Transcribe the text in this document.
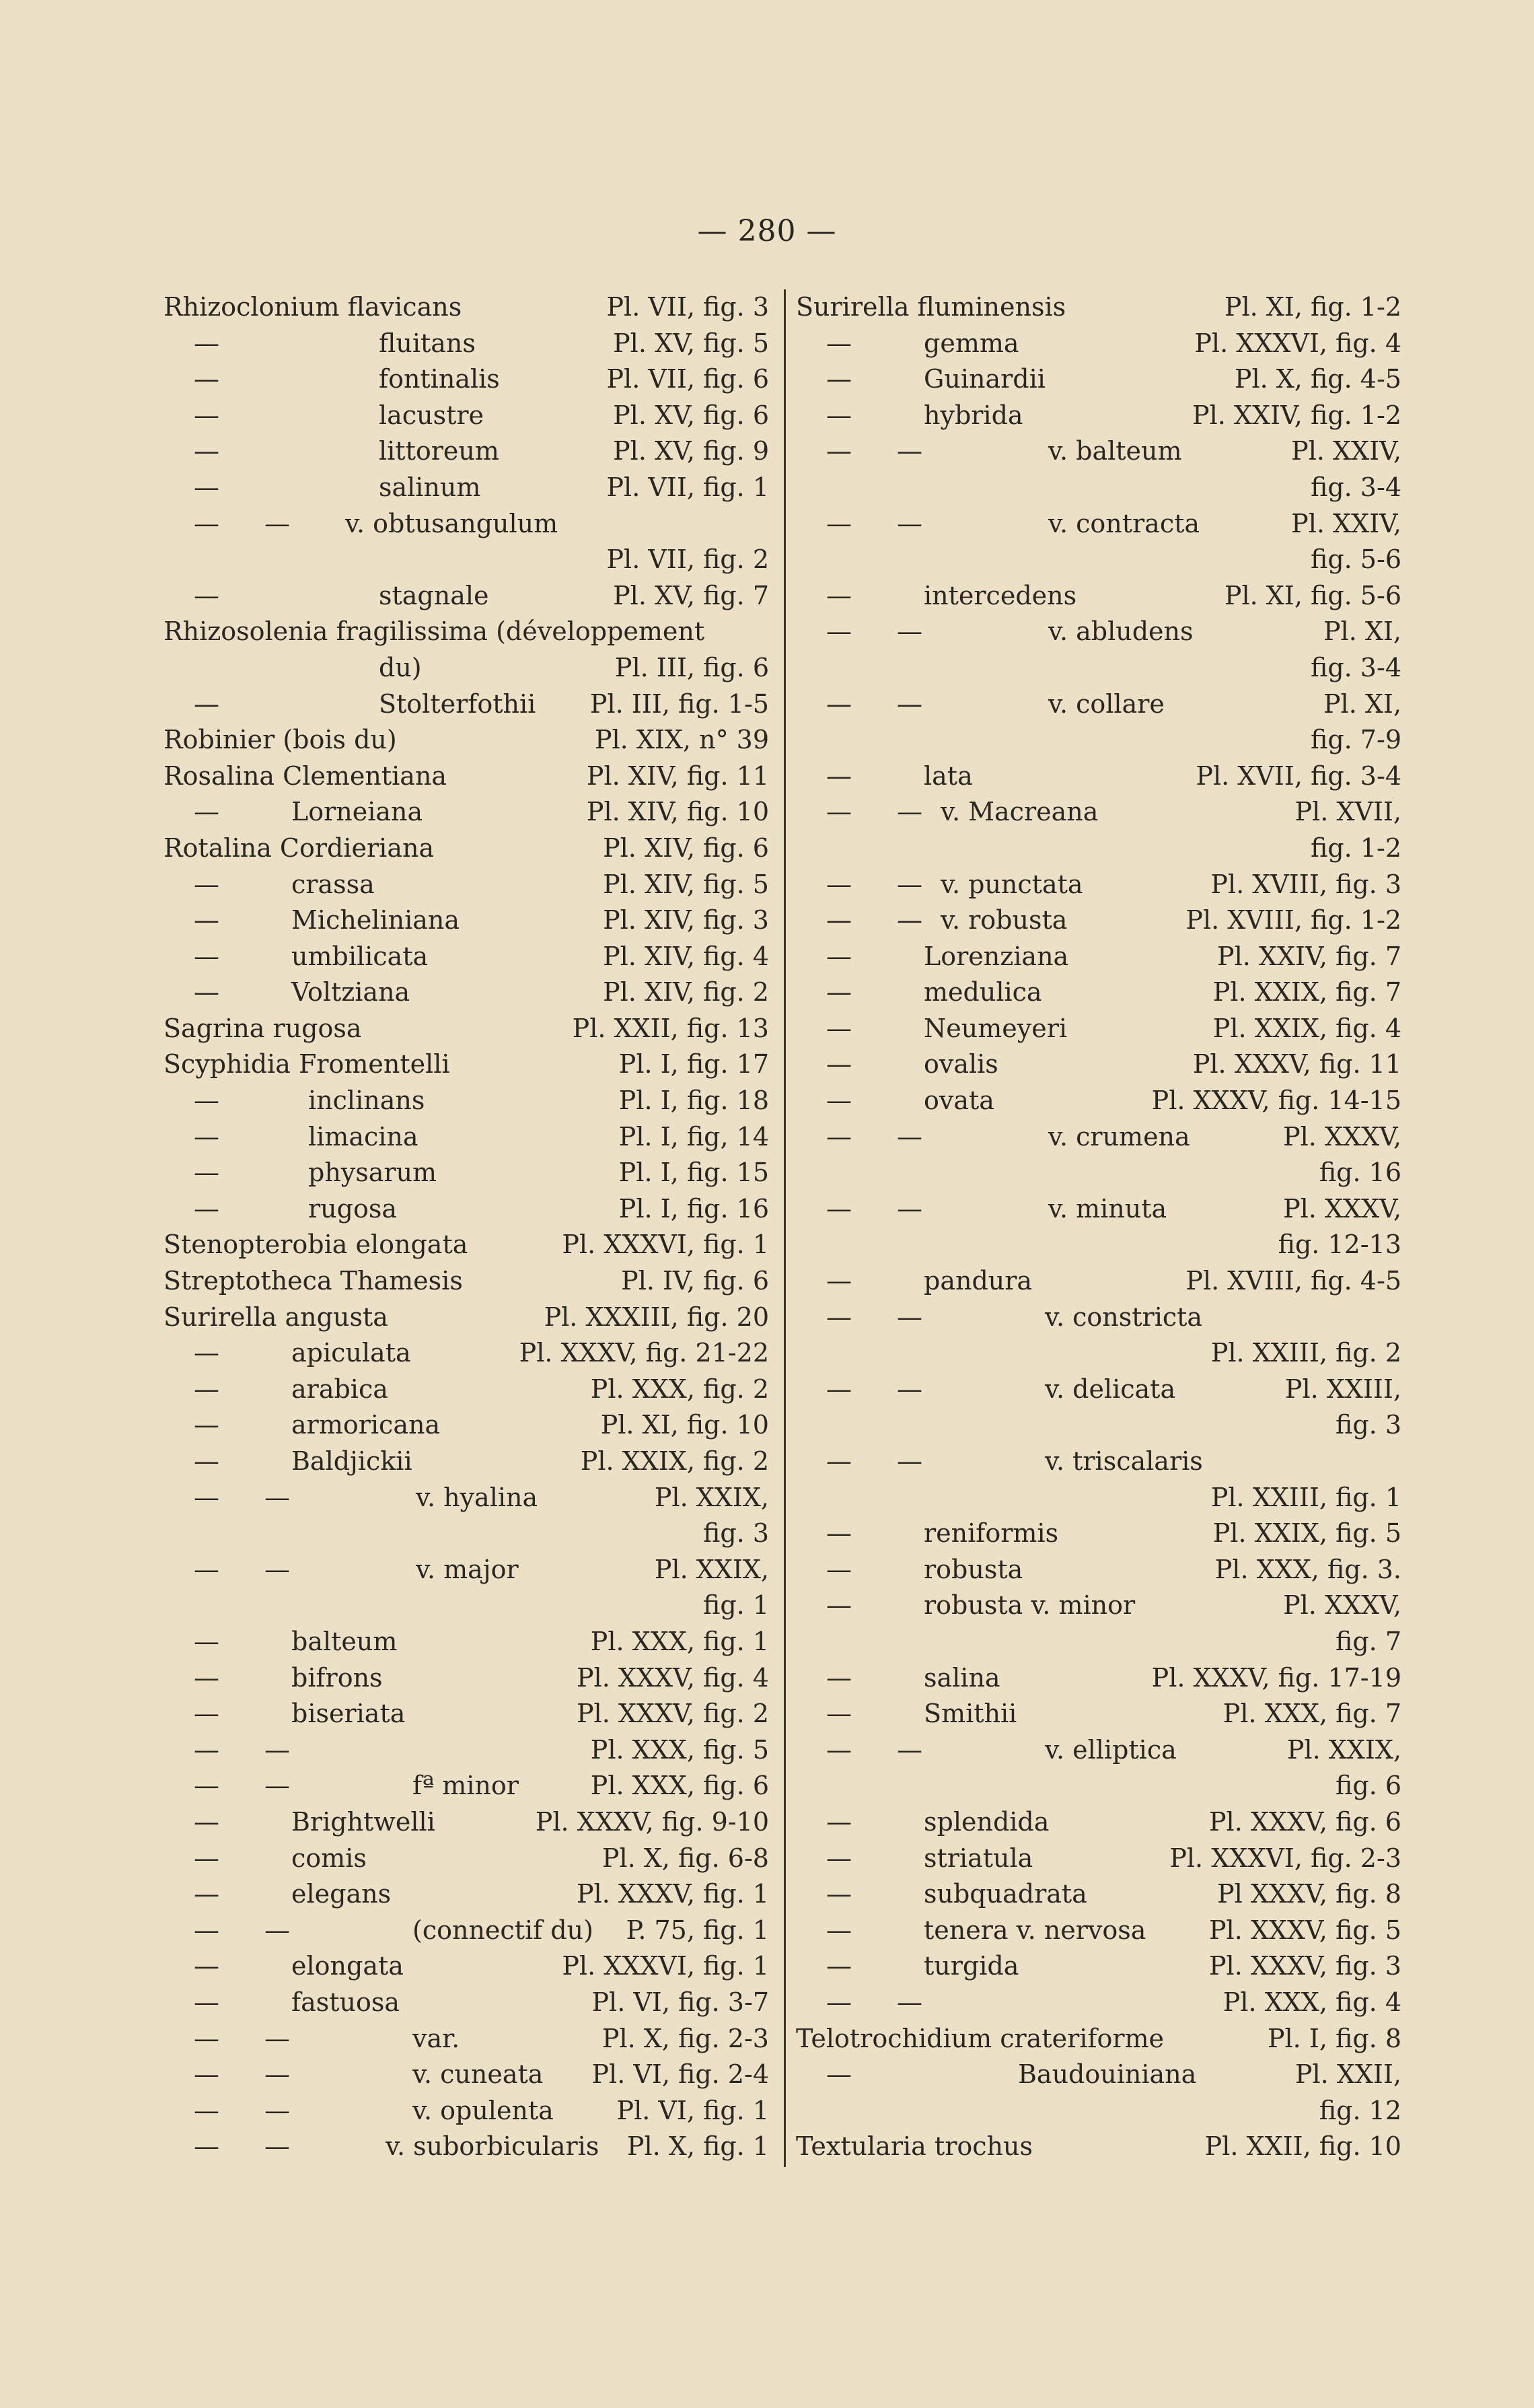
— 280 —
Rhizoclonium flavicans	Pl. VII, fig. 3
—	fluitans	Pl. XV, fig. 5
—	fontinalis	Pl. VII, fig. 6
—	lacustre	Pl. XV, fig. 6
—	littoreum	Pl. XV, fig. 9
—	salinum	Pl. VII, fig. 1
— — v. obtusangulum
Pl. VII, fig. 2
—	stagnale	Pl. XV, fig. 7
Rhizosolenia fragilissima (développement
du)	Pl. III, fig. 6
—	Stolterfothii Pl. III, fig. 1-5
Robinier (bois du)	Pl. XIX, n° 39
Rosalina Clementiana	Pl. XIV, fig. 11
—	Lorneiana	Pl. XIV, fig. 10
Rotalina Cordieriana	Pl. XIV, fig. 6
—	crassa	Pl. XIV, fig. 5
—	Micheliniana	Pl. XIV, fig. 3
—	umbilicata	Pl. XIV, fig. 4
—	Voltziana	Pl. XIV, fig. 2
Sagrina rugosa	Pl. XXII, fig. 13
Scyphidia Fromentelli	Pl. I, fig. 17
—	inclinans	Pl. I, fig. 18
—	limacina	Pl. I, fig, 14
—	physarum	Pl. I, fig. 15
—	rugosa	Pl. I, fig. 16
Stenopterobia elongata	Pl. XXXVI, fig. 1
Streptotheca Thamesis	Pl. IV, fig. 6
Surirella angusta	Pl. XXXIII, fig. 20
—	apiculata	Pl. XXXV, fig. 21-22
—	arabica	Pl. XXX, fig. 2
—	armoricana	Pl. XI, fig. 10
—	Baldjickii	Pl. XXIX, fig. 2
— —	v. hyalina	Pl. XXIX,
fig. 3
— —	v. major	Pl. XXIX,
fig. 1
—	balteum	Pl. XXX, fig. 1
—	bifrons	Pl. XXXV, fig. 4
—	biseriata	Pl. XXXV, fig. 2
— —	Pl. XXX, fig. 5
— —	fª minor	Pl. XXX, fig. 6
—	Brightwelli	Pl. XXXV, fig. 9-10
—	comis	Pl. X, fig. 6-8
—	elegans	Pl. XXXV, fig. 1
— —	(connectif du) P. 75, fig. 1
—	elongata	Pl. XXXVI, fig. 1
—	fastuosa	Pl. VI, fig. 3-7
— —	var.	Pl. X, fig. 2-3
— —	v. cuneata Pl. VI, fig. 2-4
— —	v. opulenta Pl. VI, fig. 1
— —	v. suborbicularis Pl. X, fig. 1
Surirella fluminensis	Pl. XI, fig. 1-2
—	gemma	Pl. XXXVI, fig. 4
—	Guinardii	Pl. X, fig. 4-5
—	hybrida	Pl. XXIV, fig. 1-2
— —	v. balteum	Pl. XXIV,
fig. 3-4
— —	v. contracta	Pl. XXIV,
fig. 5-6
—	intercedens	Pl. XI, fig. 5-6
— —	v. abludens	Pl. XI,
fig. 3-4
— —	v. collare	Pl. XI,
fig. 7-9
—	lata	Pl. XVII, fig. 3-4
— — v. Macreana	Pl. XVII,
fig. 1-2
— — v. punctata	Pl. XVIII, fig. 3
— — v. robusta	Pl. XVIII, fig. 1-2
—	Lorenziana	Pl. XXIV, fig. 7
—	medulica	Pl. XXIX, fig. 7
—	Neumeyeri	Pl. XXIX, fig. 4
—	ovalis	Pl. XXXV, fig. 11
—	ovata	Pl. XXXV, fig. 14-15
— —	v. crumena	Pl. XXXV,
fig. 16
— —	v. minuta	Pl. XXXV,
fig. 12-13
—	pandura	Pl. XVIII, fig. 4-5
— —	v. constricta
Pl. XXIII, fig. 2
— —	v. delicata	Pl. XXIII,
fig. 3
— —	v. triscalaris
Pl. XXIII, fig. 1
—	reniformis	Pl. XXIX, fig. 5
—	robusta	Pl. XXX, fig. 3.
—	robusta v. minor	Pl. XXXV,
fig. 7
—	salina	Pl. XXXV, fig. 17-19
—	Smithii	Pl. XXX, fig. 7
— —	v. elliptica	Pl. XXIX,
fig. 6
—	splendida	Pl. XXXV, fig. 6
—	striatula	Pl. XXXVI, fig. 2-3
—	subquadrata	Pl XXXV, fig. 8
—	tenera v. nervosa Pl. XXXV, fig. 5
—	turgida	Pl. XXXV, fig. 3
— —	Pl. XXX, fig. 4
Telotrochidium crateriforme	Pl. I, fig. 8
—	Baudouiniana	Pl. XXII,
fig. 12
Textularia trochus	Pl. XXII, fig. 10
